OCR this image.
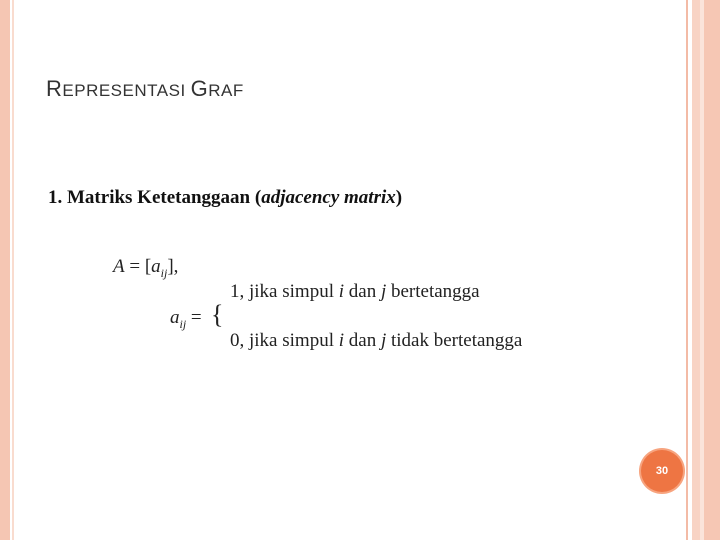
REPRESENTASI GRAF
1. Matriks Ketetanggaan (adjacency matrix)
$A = [a_{ij}]$,
1, jika simpul i dan j bertetangga
$a_{ij}$ = {
0, jika simpul i dan j tidak bertetangga
30
